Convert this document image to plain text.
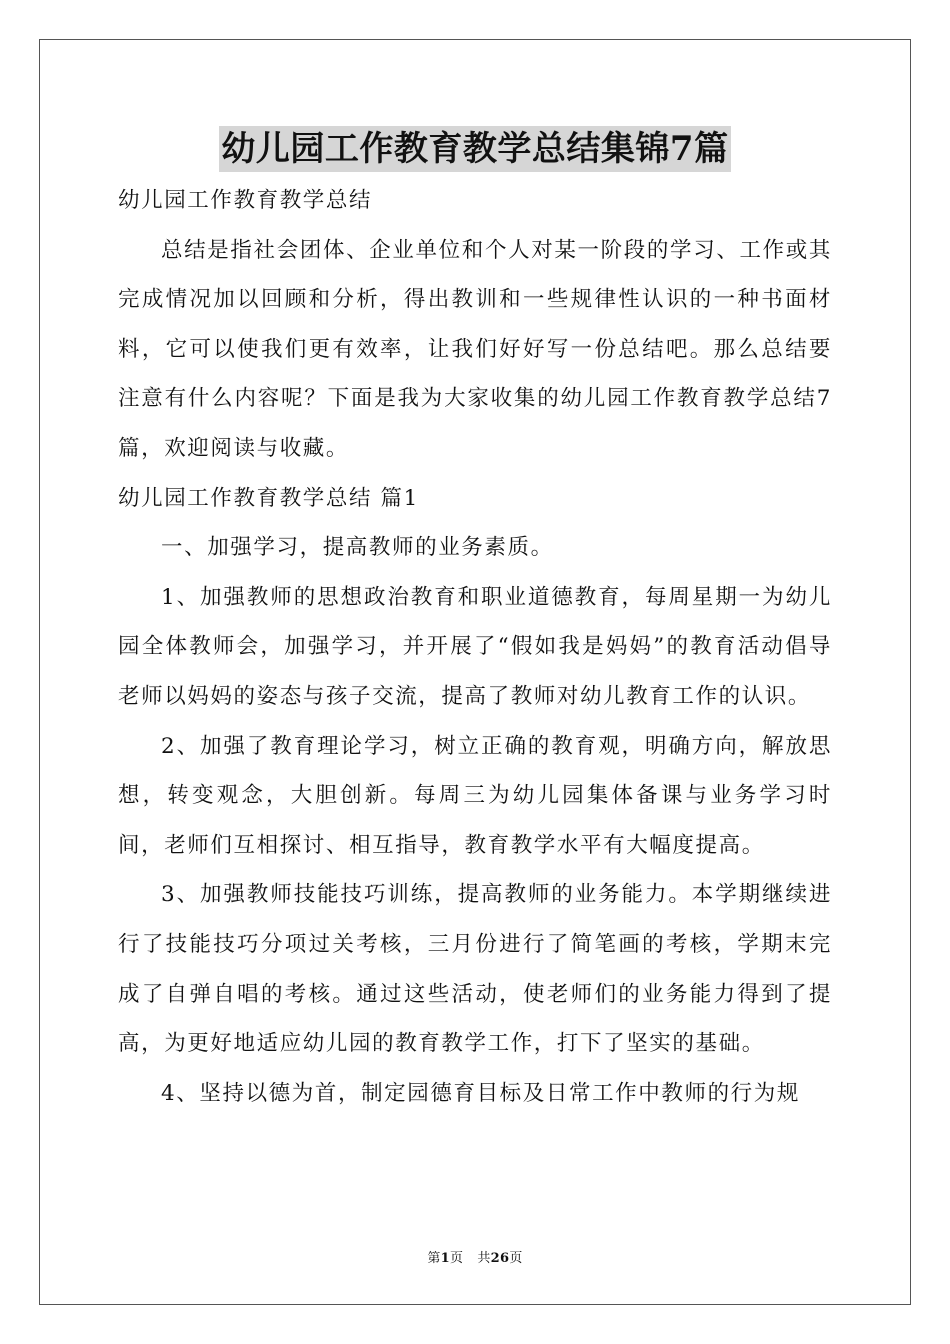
幼儿园工作教育教学总结集锦7篇

幼儿园工作教育教学总结

总结是指社会团体、企业单位和个人对某一阶段的学习、工作或其完成情况加以回顾和分析，得出教训和一些规律性认识的一种书面材料，它可以使我们更有效率，让我们好好写一份总结吧。那么总结要注意有什么内容呢？下面是我为大家收集的幼儿园工作教育教学总结7篇，欢迎阅读与收藏。

幼儿园工作教育教学总结 篇1

一、加强学习，提高教师的业务素质。

1、加强教师的思想政治教育和职业道德教育，每周星期一为幼儿园全体教师会，加强学习，并开展了“假如我是妈妈”的教育活动倡导老师以妈妈的姿态与孩子交流，提高了教师对幼儿教育工作的认识。

2、加强了教育理论学习，树立正确的教育观，明确方向，解放思想，转变观念，大胆创新。每周三为幼儿园集体备课与业务学习时间，老师们互相探讨、相互指导，教育教学水平有大幅度提高。

3、加强教师技能技巧训练，提高教师的业务能力。本学期继续进行了技能技巧分项过关考核，三月份进行了简笔画的考核，学期末完成了自弹自唱的考核。通过这些活动，使老师们的业务能力得到了提高，为更好地适应幼儿园的教育教学工作，打下了坚实的基础。

4、坚持以德为首，制定园德育目标及日常工作中教师的行为规

第1页 共26页
